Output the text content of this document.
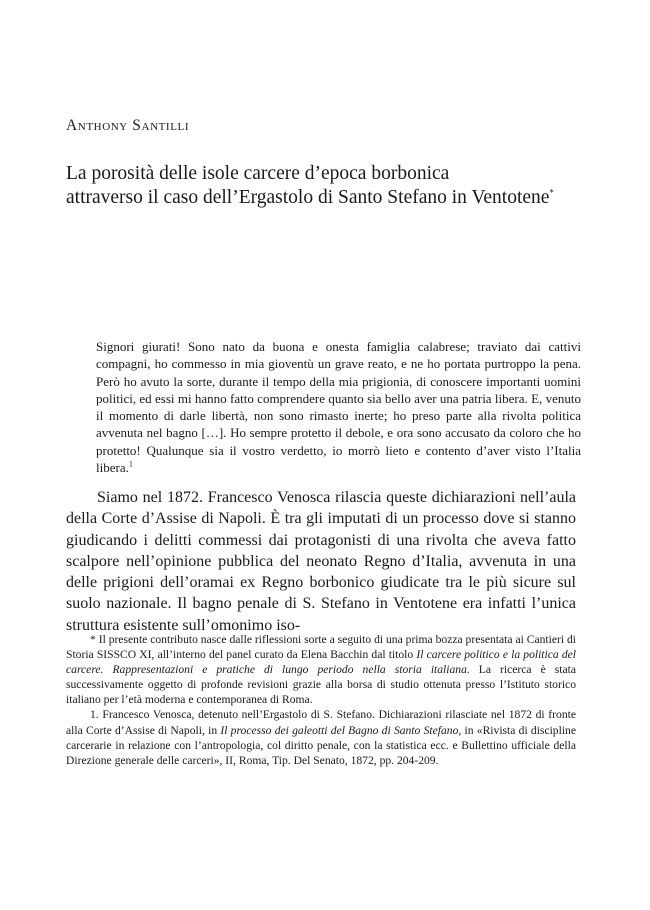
Anthony Santilli
La porosità delle isole carcere d’epoca borbonica
attraverso il caso dell’Ergastolo di Santo Stefano in Ventotene*

Signori giurati! Sono nato da buona e onesta famiglia calabrese; traviato dai cattivi compagni, ho commesso in mia gioventù un grave reato, e ne ho portata purtroppo la pena. Però ho avuto la sorte, durante il tempo della mia prigionia, di conoscere importanti uomini politici, ed essi mi hanno fatto comprendere quanto sia bello aver una patria libera. E, venuto il momento di darle libertà, non sono rimasto inerte; ho preso parte alla rivolta politica avvenuta nel bagno […]. Ho sempre protetto il debole, e ora sono accusato da coloro che ho protetto! Qualunque sia il vostro verdetto, io morrò lieto e contento d’aver visto l’Italia libera.$^1$

Siamo nel 1872. Francesco Venosca rilascia queste dichiarazioni nell’aula della Corte d’Assise di Napoli. È tra gli imputati di un processo dove si stanno giudicando i delitti commessi dai protagonisti di una rivolta che aveva fatto scalpore nell’opinione pubblica del neonato Regno d’Italia, avvenuta in una delle prigioni dell’oramai ex Regno borbonico giudicate tra le più sicure sul suolo nazionale. Il bagno penale di S. Stefano in Ventotene era infatti l’unica struttura esistente sull’omonimo iso-

* Il presente contributo nasce dalle riflessioni sorte a seguito di una prima bozza presentata ai Cantieri di Storia SISSCO XI, all’interno del panel curato da Elena Bacchin dal titolo Il carcere politico e la politica del carcere. Rappresentazioni e pratiche di lungo periodo nella storia italiana. La ricerca è stata successivamente oggetto di profonde revisioni grazie alla borsa di studio ottenuta presso l’Istituto storico italiano per l’età moderna e contemporanea di Roma.

1. Francesco Venosca, detenuto nell’Ergastolo di S. Stefano. Dichiarazioni rilasciate nel 1872 di fronte alla Corte d’Assise di Napoli, in Il processo dei galeotti del Bagno di Santo Stefano, in «Rivista di discipline carcerarie in relazione con l’antropologia, col diritto penale, con la statistica ecc. e Bullettino ufficiale della Direzione generale delle carceri», II, Roma, Tip. Del Senato, 1872, pp. 204-209.
